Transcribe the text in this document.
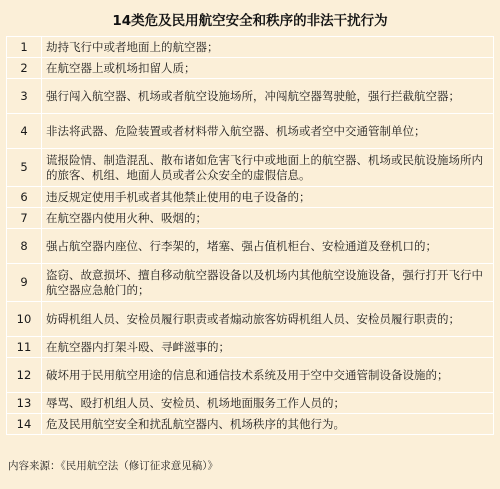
14类危及民用航空安全和秩序的非法干扰行为
1	劫持飞行中或者地面上的航空器；
2	在航空器上或机场扣留人质；
3	强行闯入航空器、机场或者航空设施场所，冲闯航空器驾驶舱，强行拦截航空器；
4	非法将武器、危险装置或者材料带入航空器、机场或者空中交通管制单位；
5	谎报险情、制造混乱、散布诸如危害飞行中或地面上的航空器、机场或民航设施场所内的旅客、机组、地面人员或者公众安全的虚假信息。
6	违反规定使用手机或者其他禁止使用的电子设备的；
7	在航空器内使用火种、吸烟的；
8	强占航空器内座位、行李架的，堵塞、强占值机柜台、安检通道及登机口的；
9	盗窃、故意损坏、擅自移动航空器设备以及机场内其他航空设施设备，强行打开飞行中航空器应急舱门的；
10	妨碍机组人员、安检员履行职责或者煽动旅客妨碍机组人员、安检员履行职责的；
11	在航空器内打架斗殴、寻衅滋事的；
12	破坏用于民用航空用途的信息和通信技术系统及用于空中交通管制设备设施的；
13	辱骂、殴打机组人员、安检员、机场地面服务工作人员的；
14	危及民用航空安全和扰乱航空器内、机场秩序的其他行为。
内容来源：《民用航空法（修订征求意见稿）》
